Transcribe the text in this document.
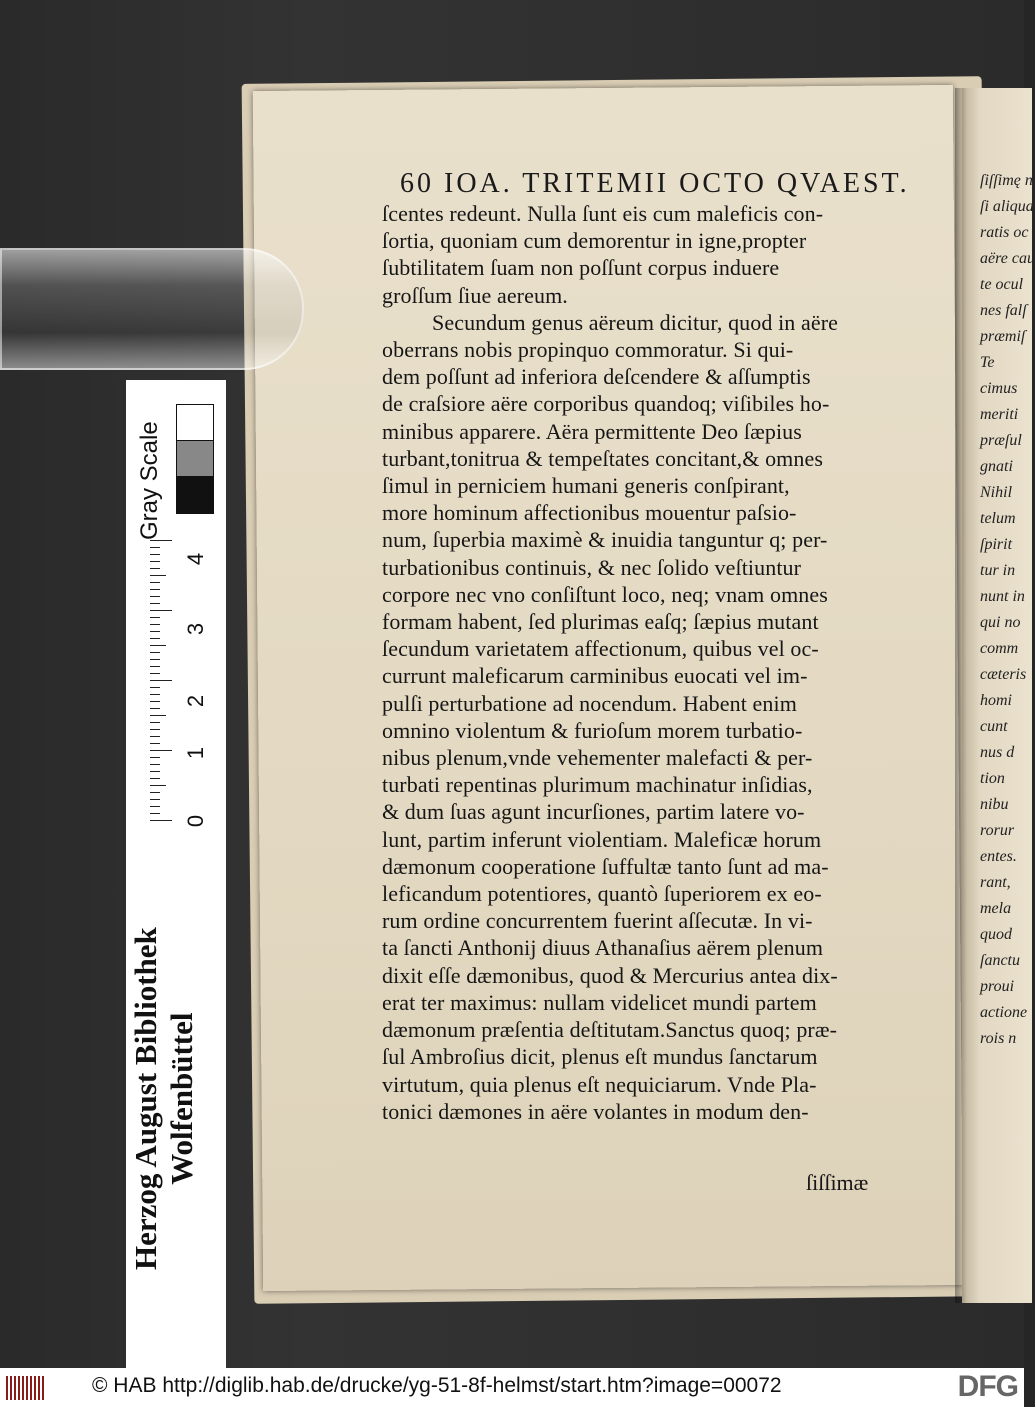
ſiſſimę n
ſi aliqua
ratis oc
aëre cau
te ocul
nes falſ
præmiſ
Te
cimus
meriti
præſul
gnati
Nihil
telum
ſpirit
tur in
nunt in
qui no
comm
cæteris
homi
cunt
nus d
tion
nibu
rorur
entes.
rant,
mela
quod
ſanctu
proui
actione
rois n
60 IOA. TRITEMII OCTO QVAEST.
ſcentes redeunt. Nulla ſunt eis cum maleficis con-
ſortia, quoniam cum demorentur in igne,propter
ſubtilitatem ſuam non poſſunt corpus induere
groſſum ſiue aereum.
Secundum genus aëreum dicitur, quod in aëre
oberrans nobis propinquo commoratur. Si qui-
dem poſſunt ad inferiora deſcendere & aſſumptis
de craſsiore aëre corporibus quandoq; viſibiles ho-
minibus apparere. Aëra permittente Deo ſæpius
turbant,tonitrua & tempeſtates concitant,& omnes
ſimul in perniciem humani generis conſpirant,
more hominum affectionibus mouentur paſsio-
num, ſuperbia maximè & inuidia tanguntur q; per-
turbationibus continuis, & nec ſolido veſtiuntur
corpore nec vno conſiſtunt loco, neq; vnam omnes
formam habent, ſed plurimas eaſq; ſæpius mutant
ſecundum varietatem affectionum, quibus vel oc-
currunt maleficarum carminibus euocati vel im-
pulſi perturbatione ad nocendum. Habent enim
omnino violentum & furioſum morem turbatio-
nibus plenum,vnde vehementer malefacti & per-
turbati repentinas plurimum machinatur inſidias,
& dum ſuas agunt incurſiones, partim latere vo-
lunt, partim inferunt violentiam. Maleficæ horum
dæmonum cooperatione ſuffultæ tanto ſunt ad ma-
leficandum potentiores, quantò ſuperiorem ex eo-
rum ordine concurrentem fuerint aſſecutæ. In vi-
ta ſancti Anthonij diuus Athanaſius aërem plenum
dixit eſſe dæmonibus, quod & Mercurius antea dix-
erat ter maximus: nullam videlicet mundi partem
dæmonum præſentia deſtitutam.Sanctus quoq; præ-
ſul Ambroſius dicit, plenus eſt mundus ſanctarum
virtutum, quia plenus eſt nequiciarum. Vnde Pla-
tonici dæmones in aëre volantes in modum den-
ſiſſimæ
Herzog August Bibliothek Wolfenbüttel
Gray Scale
0
1
2
3
4
© HAB http://diglib.hab.de/drucke/yg-51-8f-helmst/start.htm?image=00072	DFG
